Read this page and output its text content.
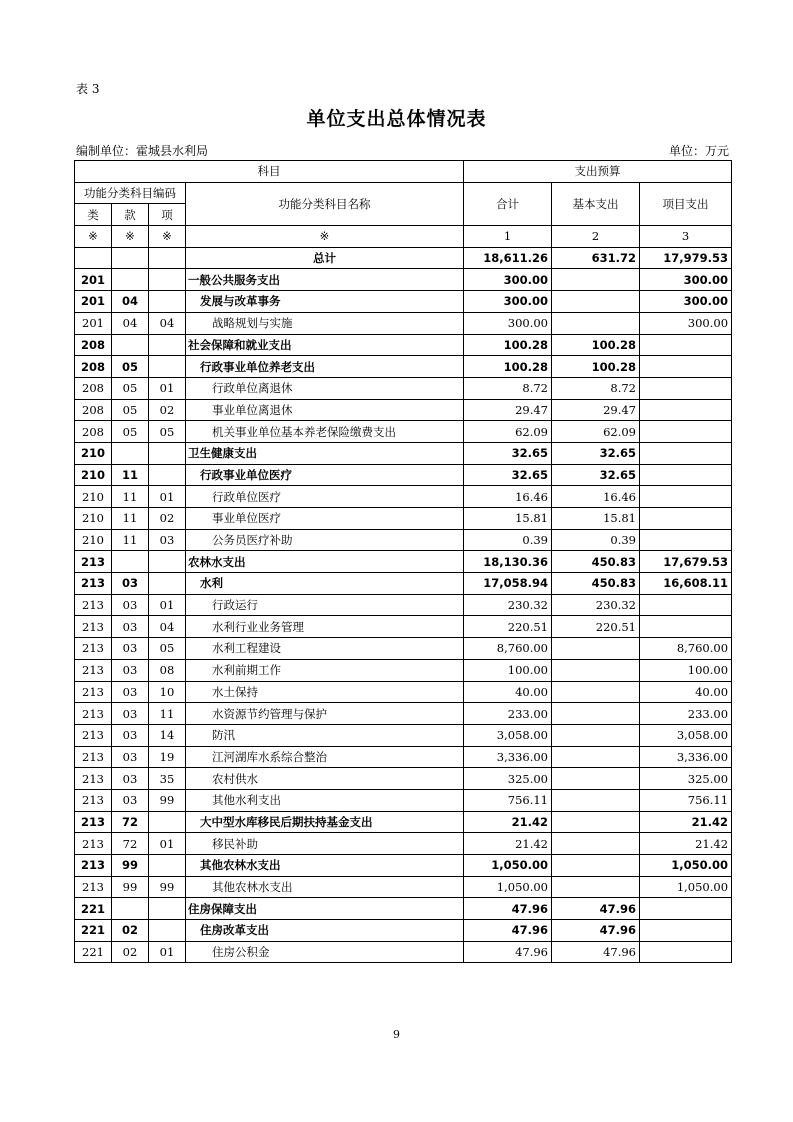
表 3
单位支出总体情况表
编制单位：霍城县水利局	单位：万元
科目				支出预算		
功能分类科目编码			功能分类科目名称	合计	基本支出	项目支出
类	款	项				
※	※	※	※	1	2	3
			总计	18,611.26	631.72	17,979.53
201			一般公共服务支出	300.00		300.00
201	04		发展与改革事务	300.00		300.00
201	04	04	战略规划与实施	300.00		300.00
208			社会保障和就业支出	100.28	100.28	
208	05		行政事业单位养老支出	100.28	100.28	
208	05	01	行政单位离退休	8.72	8.72	
208	05	02	事业单位离退休	29.47	29.47	
208	05	05	机关事业单位基本养老保险缴费支出	62.09	62.09	
210			卫生健康支出	32.65	32.65	
210	11		行政事业单位医疗	32.65	32.65	
210	11	01	行政单位医疗	16.46	16.46	
210	11	02	事业单位医疗	15.81	15.81	
210	11	03	公务员医疗补助	0.39	0.39	
213			农林水支出	18,130.36	450.83	17,679.53
213	03		水利	17,058.94	450.83	16,608.11
213	03	01	行政运行	230.32	230.32	
213	03	04	水利行业业务管理	220.51	220.51	
213	03	05	水利工程建设	8,760.00		8,760.00
213	03	08	水利前期工作	100.00		100.00
213	03	10	水土保持	40.00		40.00
213	03	11	水资源节约管理与保护	233.00		233.00
213	03	14	防汛	3,058.00		3,058.00
213	03	19	江河湖库水系综合整治	3,336.00		3,336.00
213	03	35	农村供水	325.00		325.00
213	03	99	其他水利支出	756.11		756.11
213	72		大中型水库移民后期扶持基金支出	21.42		21.42
213	72	01	移民补助	21.42		21.42
213	99		其他农林水支出	1,050.00		1,050.00
213	99	99	其他农林水支出	1,050.00		1,050.00
221			住房保障支出	47.96	47.96	
221	02		住房改革支出	47.96	47.96	
221	02	01	住房公积金	47.96	47.96	
9
